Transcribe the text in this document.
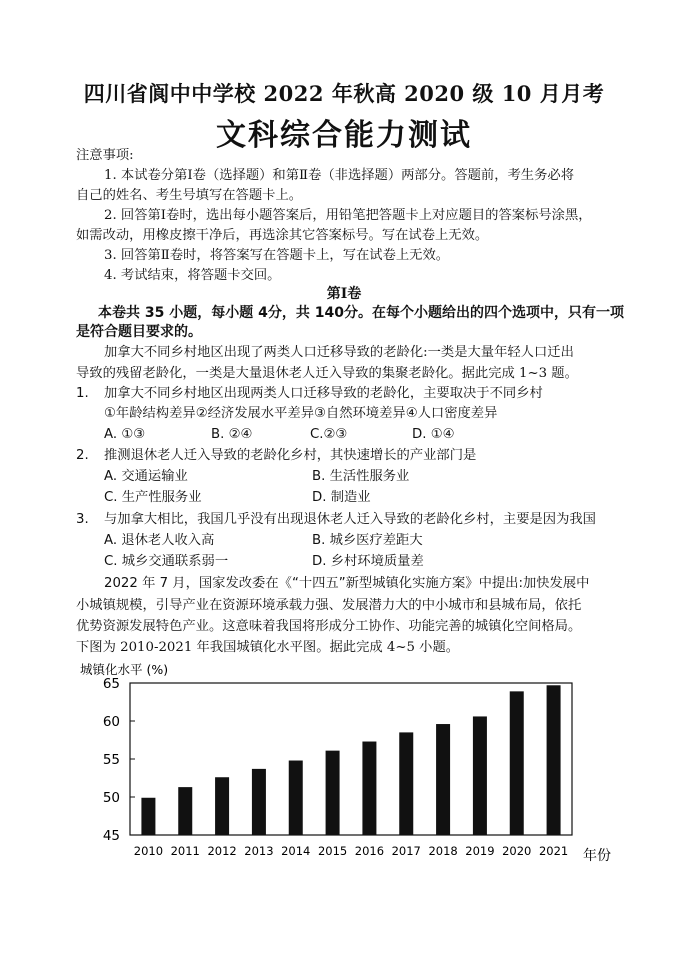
四川省阆中中学校 2022 年秋高 2020 级 10 月月考
文科综合能力测试
注意事项:
1. 本试卷分第Ⅰ卷（选择题）和第Ⅱ卷（非选择题）两部分。答题前，考生务必将
自己的姓名、考生号填写在答题卡上。
2. 回答第Ⅰ卷时，选出每小题答案后，用铅笔把答题卡上对应题目的答案标号涂黑，
如需改动，用橡皮擦干净后，再选涂其它答案标号。写在试卷上无效。
3. 回答第Ⅱ卷时，将答案写在答题卡上，写在试卷上无效。
4. 考试结束，将答题卡交回。
第Ⅰ卷
本卷共 35 小题，每小题 4分，共 140分。在每个小题给出的四个选项中，只有一项
是符合题目要求的。
加拿大不同乡村地区出现了两类人口迁移导致的老龄化:一类是大量年轻人口迁出
导致的残留老龄化，一类是大量退休老人迁入导致的集聚老龄化。据此完成 1~3 题。
1. 加拿大不同乡村地区出现两类人口迁移导致的老龄化，主要取决于不同乡村
①年龄结构差异②经济发展水平差异③自然环境差异④人口密度差异
A. ①③	B. ②④	C.②③	D. ①④
2. 推测退休老人迁入导致的老龄化乡村，其快速增长的产业部门是
A. 交通运输业	B. 生活性服务业
C. 生产性服务业	D. 制造业
3. 与加拿大相比，我国几乎没有出现退休老人迁入导致的老龄化乡村，主要是因为我国
A. 退休老人收入高	B. 城乡医疗差距大
C. 城乡交通联系弱一	D. 乡村环境质量差
2022 年 7 月，国家发改委在《“十四五”新型城镇化实施方案》中提出:加快发展中
小城镇规模，引导产业在资源环境承载力强、发展潜力大的中小城市和县城布局，依托
优势资源发展特色产业。这意味着我国将形成分工协作、功能完善的城镇化空间格局。
下图为 2010-2021 年我国城镇化水平图。据此完成 4~5 小题。
城镇化水平 (%)
年份
45
50
55
60
65
2010 2011 2012 2013 2014 2015 2016 2017 2018 2019 2020 2021
